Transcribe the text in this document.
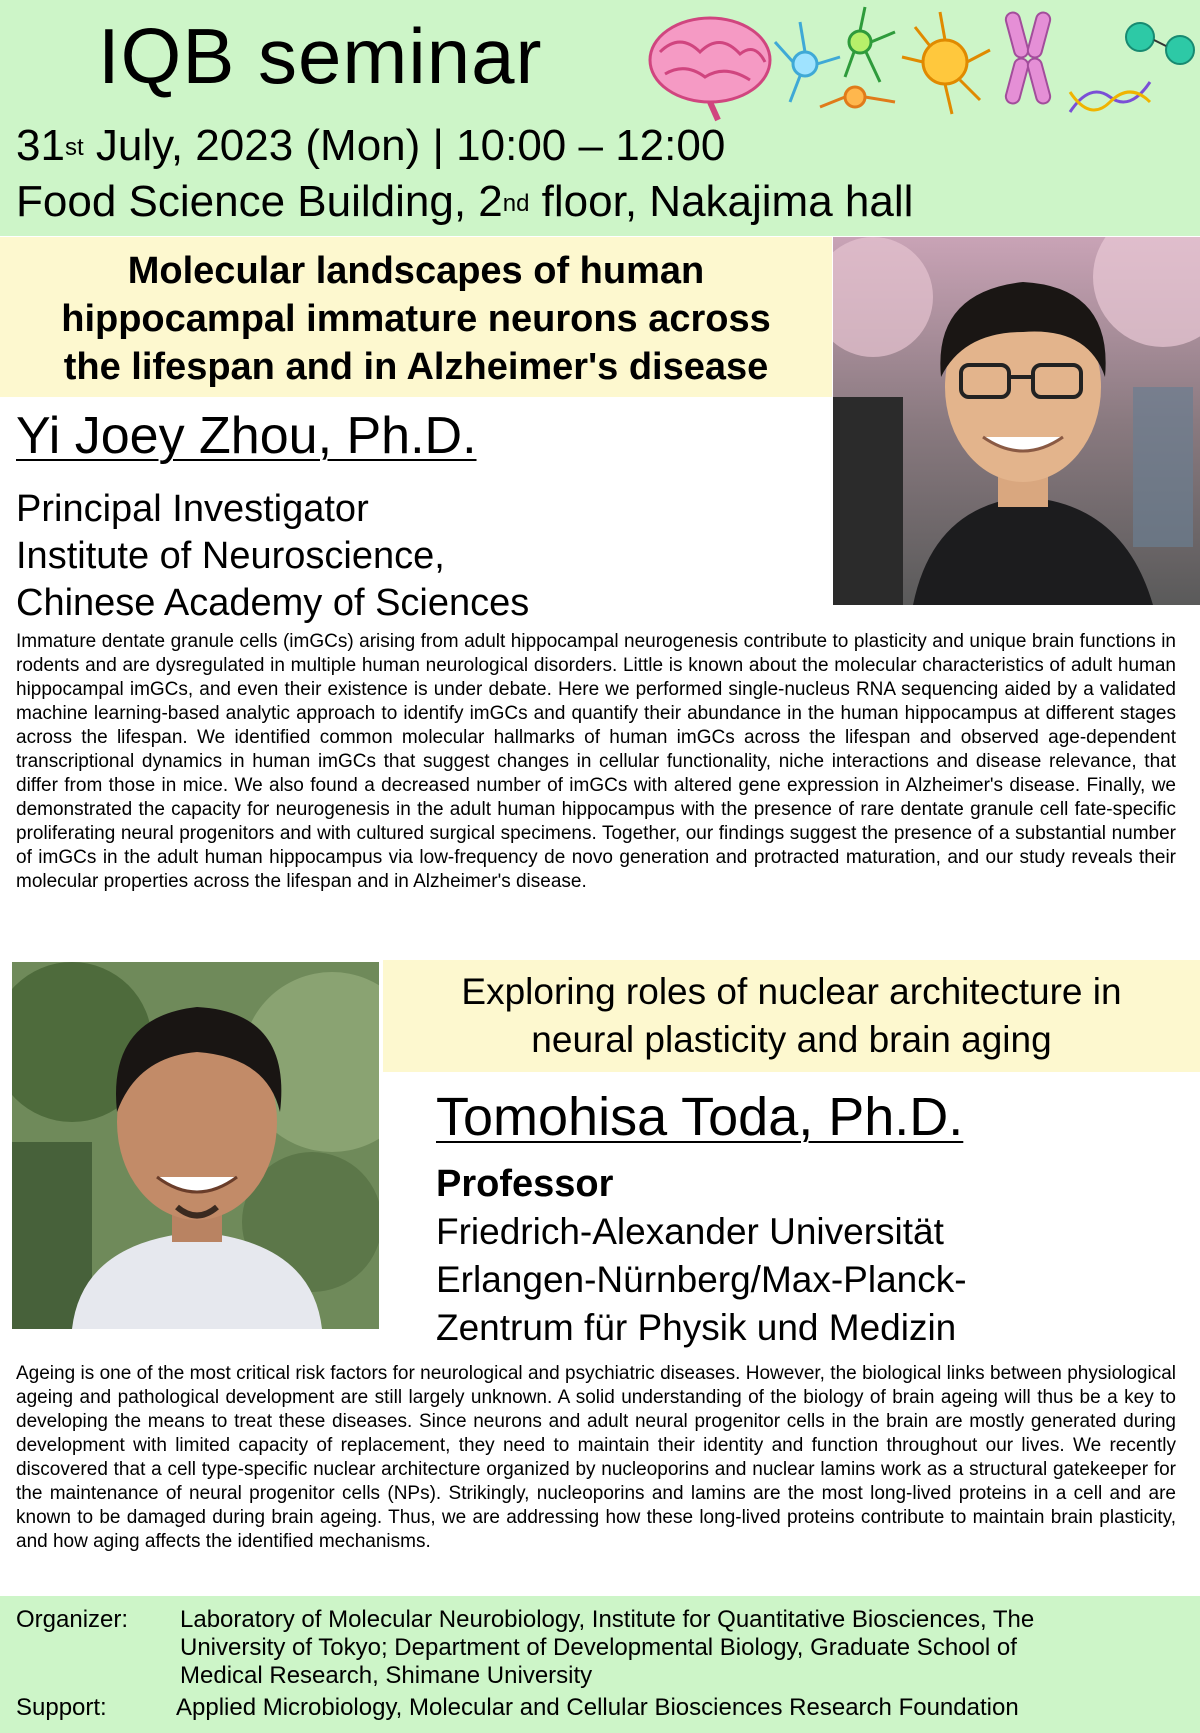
IQB seminar
31st July, 2023 (Mon) | 10:00 – 12:00
Food Science Building, 2nd floor, Nakajima hall
Molecular landscapes of human
hippocampal immature neurons across
the lifespan and in Alzheimer's disease
Yi Joey Zhou, Ph.D.
Principal Investigator
Institute of Neuroscience,
Chinese Academy of Sciences

Immature dentate granule cells (imGCs) arising from adult hippocampal neurogenesis contribute to plasticity and unique brain functions in rodents and are dysregulated in multiple human neurological disorders. Little is known about the molecular characteristics of adult human hippocampal imGCs, and even their existence is under debate. Here we performed single-nucleus RNA sequencing aided by a validated machine learning-based analytic approach to identify imGCs and quantify their abundance in the human hippocampus at different stages across the lifespan. We identified common molecular hallmarks of human imGCs across the lifespan and observed age-dependent transcriptional dynamics in human imGCs that suggest changes in cellular functionality, niche interactions and disease relevance, that differ from those in mice. We also found a decreased number of imGCs with altered gene expression in Alzheimer's disease. Finally, we demonstrated the capacity for neurogenesis in the adult human hippocampus with the presence of rare dentate granule cell fate-specific proliferating neural progenitors and with cultured surgical specimens. Together, our findings suggest the presence of a substantial number of imGCs in the adult human hippocampus via low-frequency de novo generation and protracted maturation, and our study reveals their molecular properties across the lifespan and in Alzheimer's disease.

Exploring roles of nuclear architecture in
neural plasticity and brain aging
Tomohisa Toda, Ph.D.
Professor
Friedrich-Alexander Universität
Erlangen-Nürnberg/Max-Planck-
Zentrum für Physik und Medizin

Ageing is one of the most critical risk factors for neurological and psychiatric diseases. However, the biological links between physiological ageing and pathological development are still largely unknown. A solid understanding of the biology of brain ageing will thus be a key to developing the means to treat these diseases. Since neurons and adult neural progenitor cells in the brain are mostly generated during development with limited capacity of replacement, they need to maintain their identity and function throughout our lives. We recently discovered that a cell type-specific nuclear architecture organized by nucleoporins and nuclear lamins work as a structural gatekeeper for the maintenance of neural progenitor cells (NPs). Strikingly, nucleoporins and lamins are the most long-lived proteins in a cell and are known to be damaged during brain ageing. Thus, we are addressing how these long-lived proteins contribute to maintain brain plasticity, and how aging affects the identified mechanisms.

Organizer: Laboratory of Molecular Neurobiology, Institute for Quantitative Biosciences, The
University of Tokyo; Department of Developmental Biology, Graduate School of
Medical Research, Shimane University
Support:	Applied Microbiology, Molecular and Cellular Biosciences Research Foundation
